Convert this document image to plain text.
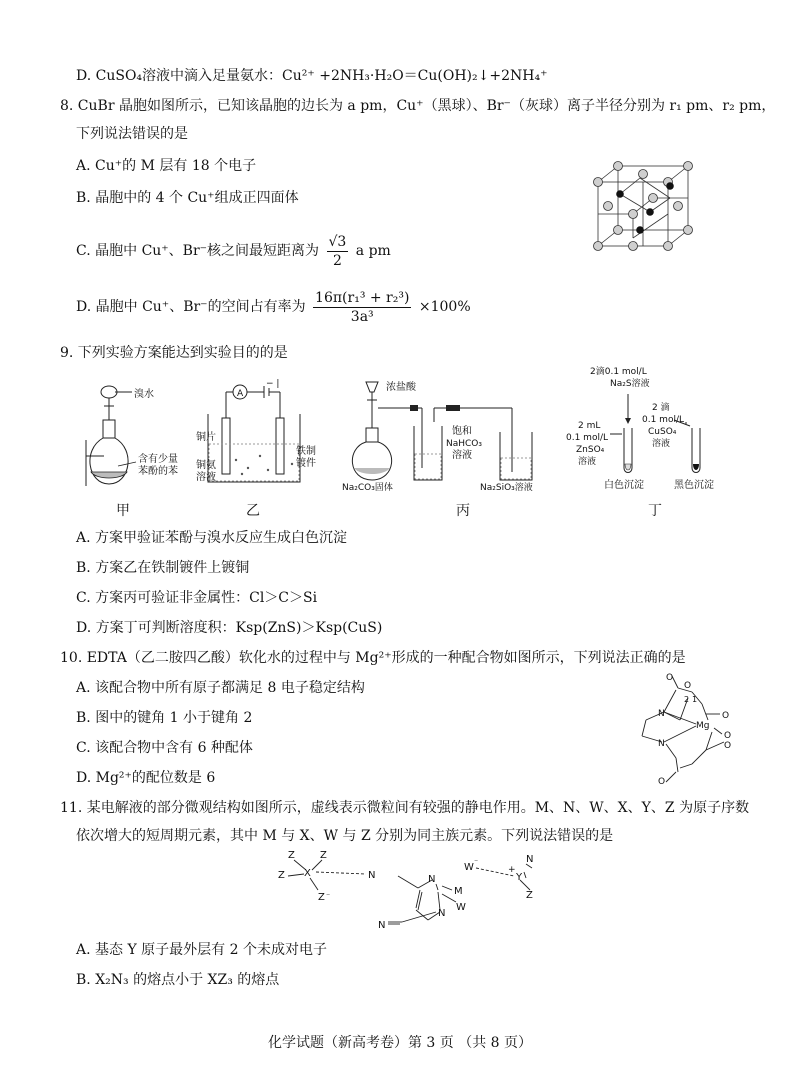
D. CuSO₄溶液中滴入足量氨水：Cu²⁺ +2NH₃·H₂O＝Cu(OH)₂↓+2NH₄⁺
8. CuBr 晶胞如图所示，已知该晶胞的边长为 a pm，Cu⁺（黑球）、Br⁻（灰球）离子半径分别为 r₁ pm、r₂ pm，
下列说法错误的是
A. Cu⁺的 M 层有 18 个电子
B. 晶胞中的 4 个 Cu⁺组成正四面体
C. 晶胞中 Cu⁺、Br⁻核之间最短距离为 $\frac{√3}{2}$ a pm
D. 晶胞中 Cu⁺、Br⁻的空间占有率为 $\frac{\text{16π(r₁³ + r₂³)}}{\text{3a³}} \times 100\%$
9. 下列实验方案能达到实验目的的是
溴水
含有少量
苯酚的苯
甲
A
− |
铜片
铜氨
溶液
铁制
镀件
乙
浓盐酸
饱和
NaHCO₃
溶液
Na₂CO₃固体	Na₂SiO₃溶液
丙
2滴0.1 mol/L
Na₂S溶液
2 mL
0.1 mol/L
ZnSO₄
溶液
2 滴
0.1 mol/L
CuSO₄
溶液
白色沉淀	黑色沉淀
丁
A. 方案甲验证苯酚与溴水反应生成白色沉淀
B. 方案乙在铁制镀件上镀铜
C. 方案丙可验证非金属性：Cl＞C＞Si
D. 方案丁可判断溶度积：Ksp(ZnS)＞Ksp(CuS)
10. EDTA（乙二胺四乙酸）软化水的过程中与 Mg²⁺形成的一种配合物如图所示，下列说法正确的是
A. 该配合物中所有原子都满足 8 电子稳定结构
B. 图中的键角 1 小于键角 2
C. 该配合物中含有 6 种配体
D. Mg²⁺的配位数是 6
O
O
O
O
O
O
N
N
Mg
1
2
11. 某电解液的部分微观结构如图所示，虚线表示微粒间有较强的静电作用。M、N、W、X、Y、Z 为原子序数
依次增大的短周期元素，其中 M 与 X、W 与 Z 分别为同主族元素。下列说法错误的是
Z	Z
Z
Z ⁻
X	N
N
N
N
M
W
W
⁻
Y
+
N
Z
A. 基态 Y 原子最外层有 2 个未成对电子
B. X₂N₃ 的熔点小于 XZ₃ 的熔点
化学试题（新高考卷）第 3 页 （共 8 页）
